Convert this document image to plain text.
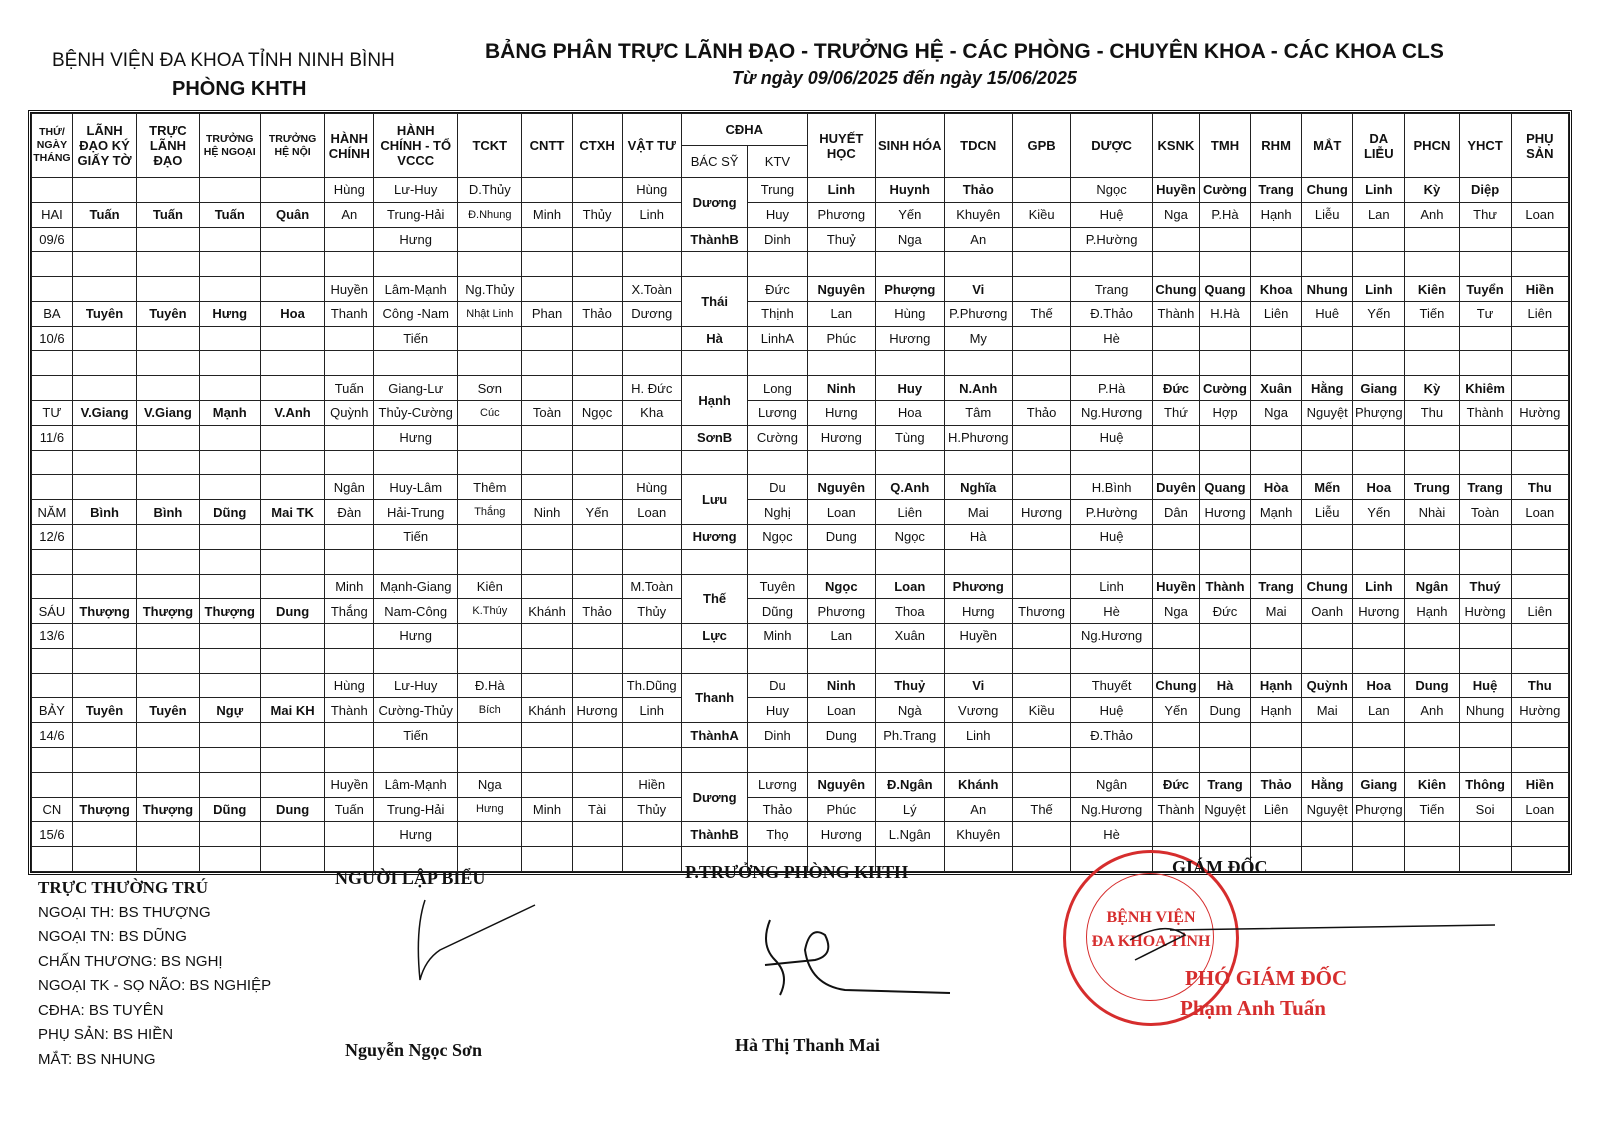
BỆNH VIỆN ĐA KHOA TỈNH NINH BÌNH
PHÒNG KHTH
BẢNG PHÂN TRỰC LÃNH ĐẠO - TRƯỞNG HỆ - CÁC PHÒNG - CHUYÊN KHOA - CÁC KHOA CLS
Từ ngày 09/06/2025 đến ngày 15/06/2025
THỨ/ NGÀY THÁNG	LÃNH ĐẠO KÝ GIẤY TỜ	TRỰC LÃNH ĐẠO	TRƯỞNG HỆ NGOẠI	TRƯỞNG HỆ NỘI	HÀNH CHÍNH	HÀNH CHÍNH - TỔ VCCC	TCKT	CNTT	CTXH	VẬT TƯ	CĐHA		HUYẾT HỌC	SINH HÓA	TDCN	GPB	DƯỢC	KSNK	TMH	RHM	MẮT	DA LIỄU	PHCN	YHCT	PHỤ SẢN
											BÁC SỸ	KTV													
					Hùng	Lư-Huy	D.Thủy			Hùng	Dương	Trung	Linh	Huynh	Thảo		Ngọc	Huyền	Cường	Trang	Chung	Linh	Kỳ	Diệp	
HAI	Tuấn	Tuấn	Tuấn	Quân	An	Trung-Hải	Đ.Nhung	Minh	Thủy	Linh		Huy	Phương	Yến	Khuyên	Kiều	Huệ	Nga	P.Hà	Hạnh	Liễu	Lan	Anh	Thư	Loan
09/6						Hưng					ThànhB	Dinh	Thuỷ	Nga	An		P.Hường								

					Huyền	Lâm-Mạnh	Ng.Thủy			X.Toàn	Thái	Đức	Nguyên	Phượng	Vi		Trang	Chung	Quang	Khoa	Nhung	Linh	Kiên	Tuyển	Hiền
BA	Tuyên	Tuyên	Hưng	Hoa	Thanh	Công -Nam	Nhật Linh	Phan	Thảo	Dương		Thịnh	Lan	Hùng	P.Phương	Thế	Đ.Thảo	Thành	H.Hà	Liên	Huê	Yến	Tiến	Tư	Liên
10/6						Tiến					Hà	LinhA	Phúc	Hương	My		Hè								

					Tuấn	Giang-Lư	Sơn			H. Đức	Hạnh	Long	Ninh	Huy	N.Anh		P.Hà	Đức	Cường	Xuân	Hằng	Giang	Kỳ	Khiêm	
TƯ	V.Giang	V.Giang	Mạnh	V.Anh	Quỳnh	Thủy-Cường	Cúc	Toàn	Ngọc	Kha		Lương	Hưng	Hoa	Tâm	Thảo	Ng.Hương	Thứ	Hợp	Nga	Nguyệt	Phượng	Thu	Thành	Hường
11/6						Hưng					SơnB	Cường	Hương	Tùng	H.Phương		Huệ								

					Ngân	Huy-Lâm	Thêm			Hùng	Lưu	Du	Nguyên	Q.Anh	Nghĩa		H.Bình	Duyên	Quang	Hòa	Mến	Hoa	Trung	Trang	Thu
NĂM	Bình	Bình	Dũng	Mai TK	Đàn	Hải-Trung	Thắng	Ninh	Yến	Loan		Nghị	Loan	Liên	Mai	Hương	P.Hường	Dân	Hương	Mạnh	Liễu	Yến	Nhài	Toàn	Loan
12/6						Tiến					Hương	Ngọc	Dung	Ngọc	Hà		Huệ								

					Minh	Mạnh-Giang	Kiên			M.Toàn	Thế	Tuyên	Ngọc	Loan	Phương		Linh	Huyền	Thành	Trang	Chung	Linh	Ngân	Thuý	
SÁU	Thượng	Thượng	Thượng	Dung	Thắng	Nam-Công	K.Thúy	Khánh	Thảo	Thủy		Dũng	Phương	Thoa	Hưng	Thương	Hè	Nga	Đức	Mai	Oanh	Hương	Hạnh	Hường	Liên
13/6						Hưng					Lực	Minh	Lan	Xuân	Huyền		Ng.Hương								

					Hùng	Lư-Huy	Đ.Hà			Th.Dũng	Thanh	Du	Ninh	Thuỷ	Vi		Thuyết	Chung	Hà	Hạnh	Quỳnh	Hoa	Dung	Huệ	Thu
BẢY	Tuyên	Tuyên	Ngự	Mai KH	Thành	Cường-Thủy	Bích	Khánh	Hương	Linh		Huy	Loan	Ngà	Vương	Kiều	Huệ	Yến	Dung	Hạnh	Mai	Lan	Anh	Nhung	Hường
14/6						Tiến					ThànhA	Dinh	Dung	Ph.Trang	Linh		Đ.Thảo								

					Huyền	Lâm-Mạnh	Nga			Hiền	Dương	Lương	Nguyên	Đ.Ngân	Khánh		Ngân	Đức	Trang	Thảo	Hằng	Giang	Kiên	Thông	Hiền
CN	Thượng	Thượng	Dũng	Dung	Tuấn	Trung-Hải	Hưng	Minh	Tài	Thủy		Thảo	Phúc	Lý	An	Thế	Ng.Hương	Thành	Nguyệt	Liên	Nguyệt	Phượng	Tiến	Soi	Loan
15/6						Hưng					ThànhB	Thọ	Hương	L.Ngân	Khuyên		Hè								

TRỰC THƯỜNG TRÚ
NGOẠI TH: BS THƯỢNG
NGOẠI TN: BS DŨNG
CHẤN THƯƠNG: BS NGHỊ
NGOẠI TK - SỌ NÃO: BS NGHIỆP
CĐHA: BS TUYÊN
PHỤ SẢN: BS HIỀN
MẮT: BS NHUNG
NGƯỜI LẬP BIỂU
Nguyễn Ngọc Sơn
P.TRƯỞNG PHÒNG KHTH
Hà Thị Thanh Mai
BỆNH VIỆN
ĐA KHOA TỈNH
GIÁM ĐỐC
PHÓ GIÁM ĐỐC
Phạm Anh Tuấn
